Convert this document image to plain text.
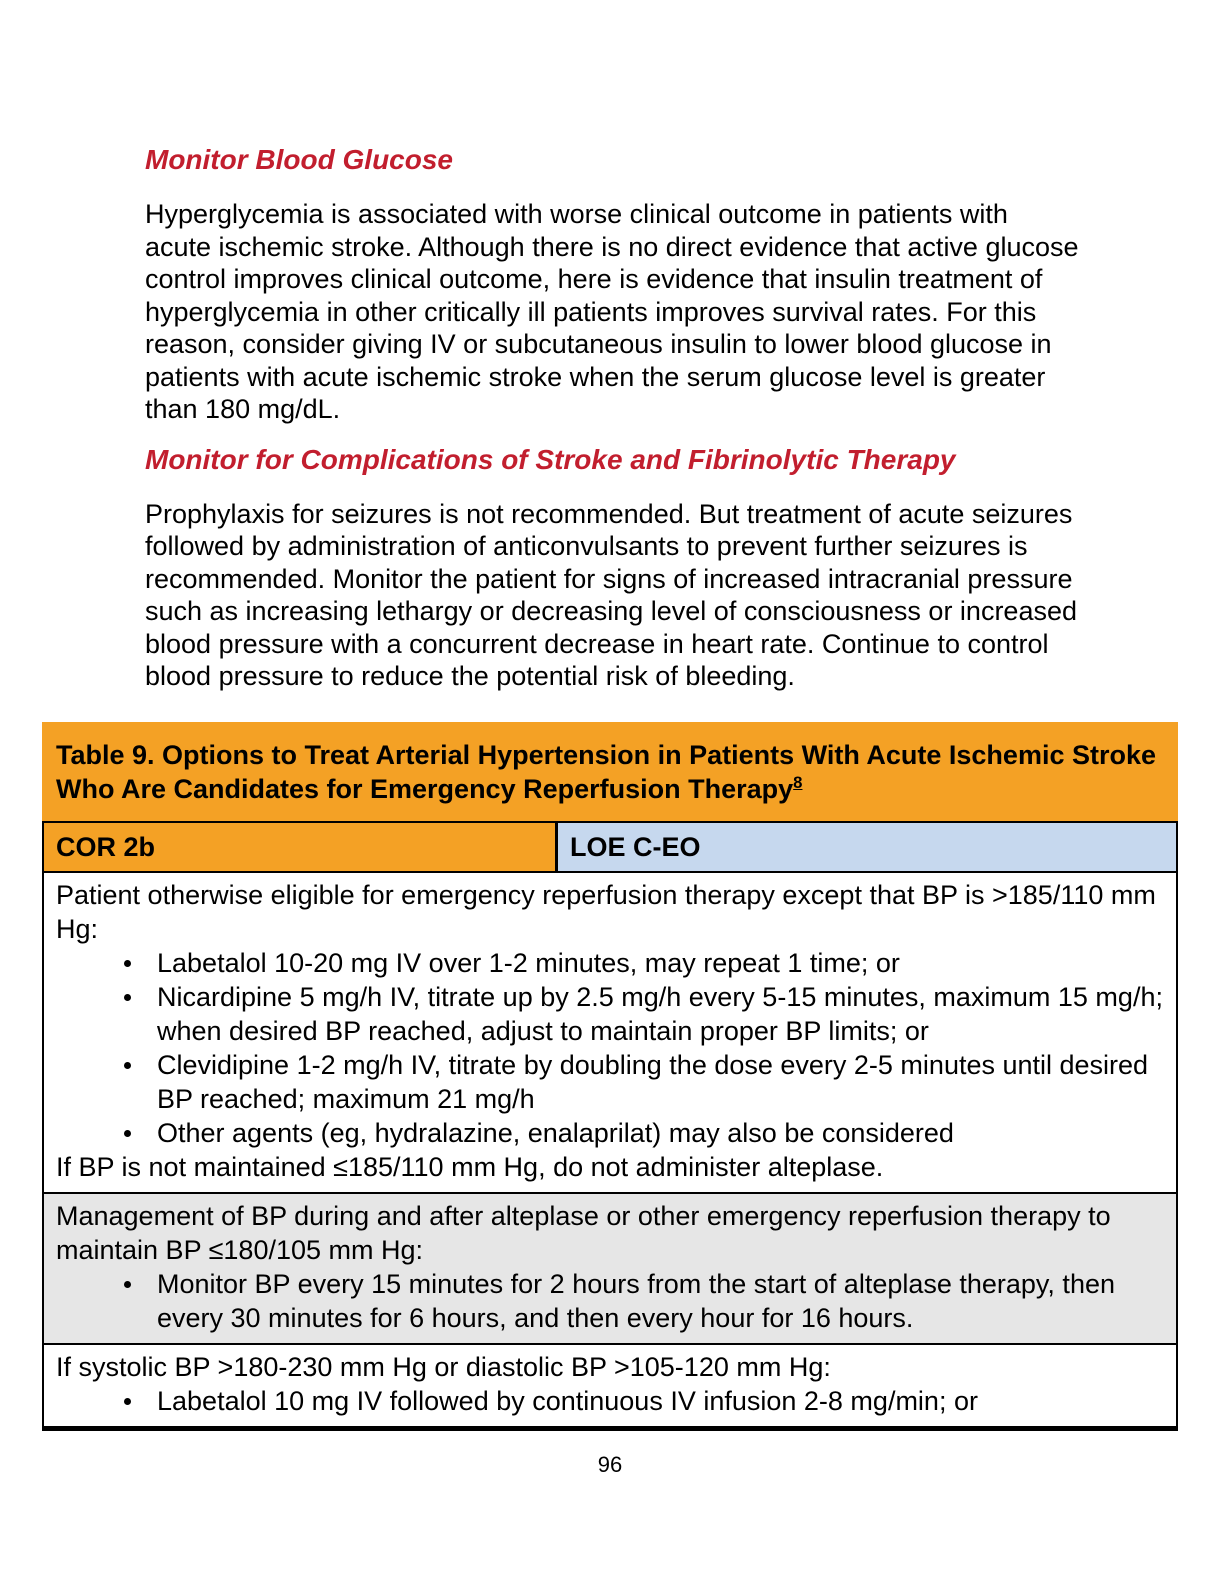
Monitor Blood Glucose

Hyperglycemia is associated with worse clinical outcome in patients with acute ischemic stroke. Although there is no direct evidence that active glucose control improves clinical outcome, here is evidence that insulin treatment of hyperglycemia in other critically ill patients improves survival rates. For this reason, consider giving IV or subcutaneous insulin to lower blood glucose in patients with acute ischemic stroke when the serum glucose level is greater than 180 mg/dL.

Monitor for Complications of Stroke and Fibrinolytic Therapy

Prophylaxis for seizures is not recommended. But treatment of acute seizures followed by administration of anticonvulsants to prevent further seizures is recommended. Monitor the patient for signs of increased intracranial pressure such as increasing lethargy or decreasing level of consciousness or increased blood pressure with a concurrent decrease in heart rate. Continue to control blood pressure to reduce the potential risk of bleeding.

Table 9. Options to Treat Arterial Hypertension in Patients With Acute Ischemic Stroke Who Are Candidates for Emergency Reperfusion Therapy$^8$
COR 2b	LOE C-EO
Patient otherwise eligible for emergency reperfusion therapy except that BP is >185/110 mm Hg:
Labetalol 10-20 mg IV over 1-2 minutes, may repeat 1 time; or
Nicardipine 5 mg/h IV, titrate up by 2.5 mg/h every 5-15 minutes, maximum 15 mg/h; when desired BP reached, adjust to maintain proper BP limits; or
Clevidipine 1-2 mg/h IV, titrate by doubling the dose every 2-5 minutes until desired BP reached; maximum 21 mg/h
Other agents (eg, hydralazine, enalaprilat) may also be considered
If BP is not maintained ≤185/110 mm Hg, do not administer alteplase.
Management of BP during and after alteplase or other emergency reperfusion therapy to maintain BP ≤180/105 mm Hg:
Monitor BP every 15 minutes for 2 hours from the start of alteplase therapy, then every 30 minutes for 6 hours, and then every hour for 16 hours.
If systolic BP >180-230 mm Hg or diastolic BP >105-120 mm Hg:
Labetalol 10 mg IV followed by continuous IV infusion 2-8 mg/min; or
96
